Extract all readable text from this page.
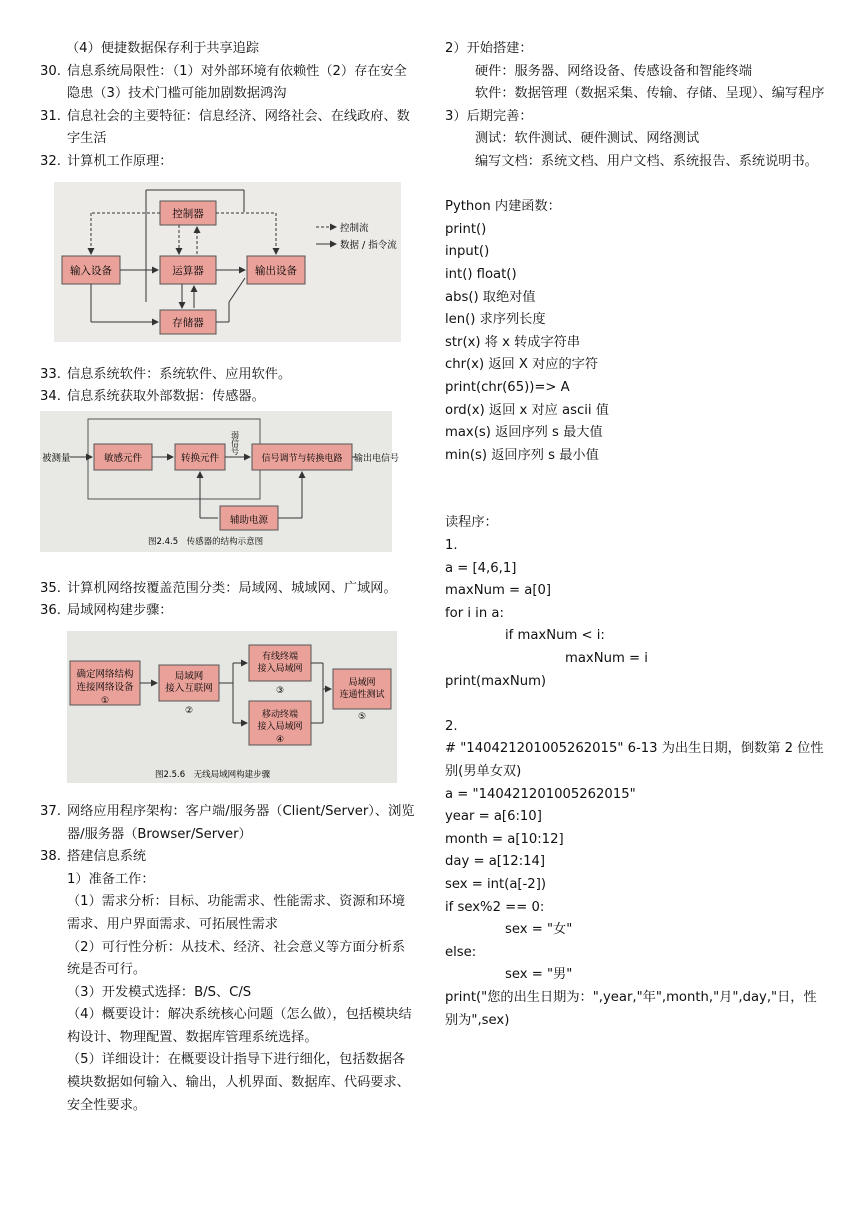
（4）便捷数据保存利于共享追踪
30. 信息系统局限性：（1）对外部环境有依赖性（2）存在安全隐患（3）技术门槛可能加剧数据鸿沟
31. 信息社会的主要特征：信息经济、网络社会、在线政府、数字生活
32. 计算机工作原理：
控制器
运算器
输入设备	输出设备
存储器
控制流
数据 / 指令流
33. 信息系统软件：系统软件、应用软件。
34. 信息系统获取外部数据：传感器。
被测量	敏感元件	转换元件	信号调节与转换电路 输出电信号
辅助电源
弱信号
图2.4.5　传感器的结构示意图
35. 计算机网络按覆盖范围分类：局域网、城域网、广域网。
36. 局域网构建步骤：
确定网络结构
连接网络设备
①
局域网
接入互联网
②
有线终端
接入局域网
③
移动终端
接入局域网
④
局域网
连通性测试
⑤
图2.5.6　无线局域网构建步骤
37. 网络应用程序架构：客户端/服务器（Client/Server）、浏览器/服务器（Browser/Server）
38. 搭建信息系统
1）准备工作：
（1）需求分析：目标、功能需求、性能需求、资源和环境需求、用户界面需求、可拓展性需求
（2）可行性分析：从技术、经济、社会意义等方面分析系统是否可行。
（3）开发模式选择：B/S、C/S
（4）概要设计：解决系统核心问题（怎么做），包括模块结构设计、物理配置、数据库管理系统选择。
（5）详细设计：在概要设计指导下进行细化，包括数据各模块数据如何输入、输出，人机界面、数据库、代码要求、安全性要求。
2）开始搭建：
硬件：服务器、网络设备、传感设备和智能终端
软件：数据管理（数据采集、传输、存储、呈现）、编写程序
3）后期完善：
测试：软件测试、硬件测试、网络测试
编写文档：系统文档、用户文档、系统报告、系统说明书。
Python 内建函数：
print()
input()
int() float()
abs() 取绝对值
len() 求序列长度
str(x) 将 x 转成字符串
chr(x) 返回 X 对应的字符
print(chr(65))=> A
ord(x) 返回 x 对应 ascii 值
max(s) 返回序列 s 最大值
min(s) 返回序列 s 最小值
读程序：
1.
a = [4,6,1]
maxNum = a[0]
for i in a:
if maxNum < i:
maxNum = i
print(maxNum)
2.
# "140421201005262015" 6-13 为出生日期，倒数第 2 位性别(男单女双)
a = "140421201005262015"
year = a[6:10]
month = a[10:12]
day = a[12:14]
sex = int(a[-2])
if sex%2 == 0:
sex = "女"
else:
sex = "男"
print("您的出生日期为：",year,"年",month,"月",day,"日，性别为",sex)
